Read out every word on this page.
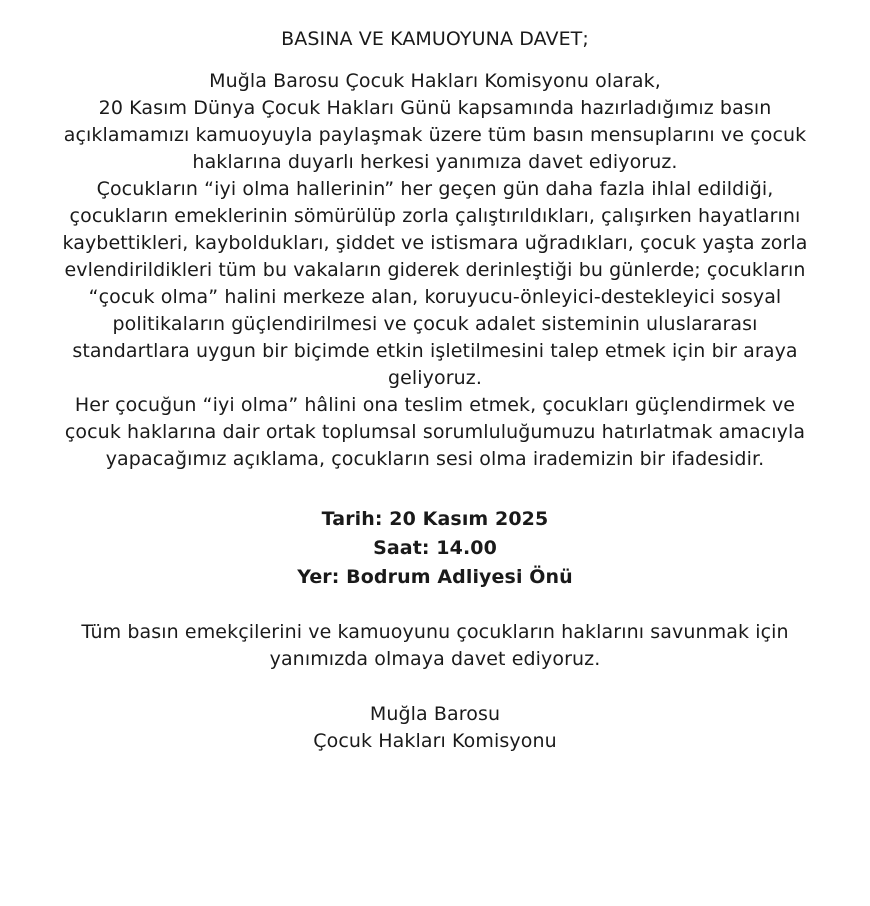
BASINA VE KAMUOYUNA DAVET;
Muğla Barosu Çocuk Hakları Komisyonu olarak,
20 Kasım Dünya Çocuk Hakları Günü kapsamında hazırladığımız basın
açıklamamızı kamuoyuyla paylaşmak üzere tüm basın mensuplarını ve çocuk
haklarına duyarlı herkesi yanımıza davet ediyoruz.
Çocukların “iyi olma hallerinin” her geçen gün daha fazla ihlal edildiği,
çocukların emeklerinin sömürülüp zorla çalıştırıldıkları, çalışırken hayatlarını
kaybettikleri, kayboldukları, şiddet ve istismara uğradıkları, çocuk yaşta zorla
evlendirildikleri tüm bu vakaların giderek derinleştiği bu günlerde; çocukların
“çocuk olma” halini merkeze alan, koruyucu-önleyici-destekleyici sosyal
politikaların güçlendirilmesi ve çocuk adalet sisteminin uluslararası
standartlara uygun bir biçimde etkin işletilmesini talep etmek için bir araya
geliyoruz.
Her çocuğun “iyi olma” hâlini ona teslim etmek, çocukları güçlendirmek ve
çocuk haklarına dair ortak toplumsal sorumluluğumuzu hatırlatmak amacıyla
yapacağımız açıklama, çocukların sesi olma irademizin bir ifadesidir.
Tarih: 20 Kasım 2025
Saat: 14.00
Yer: Bodrum Adliyesi Önü
Tüm basın emekçilerini ve kamuoyunu çocukların haklarını savunmak için
yanımızda olmaya davet ediyoruz.
Muğla Barosu
Çocuk Hakları Komisyonu
